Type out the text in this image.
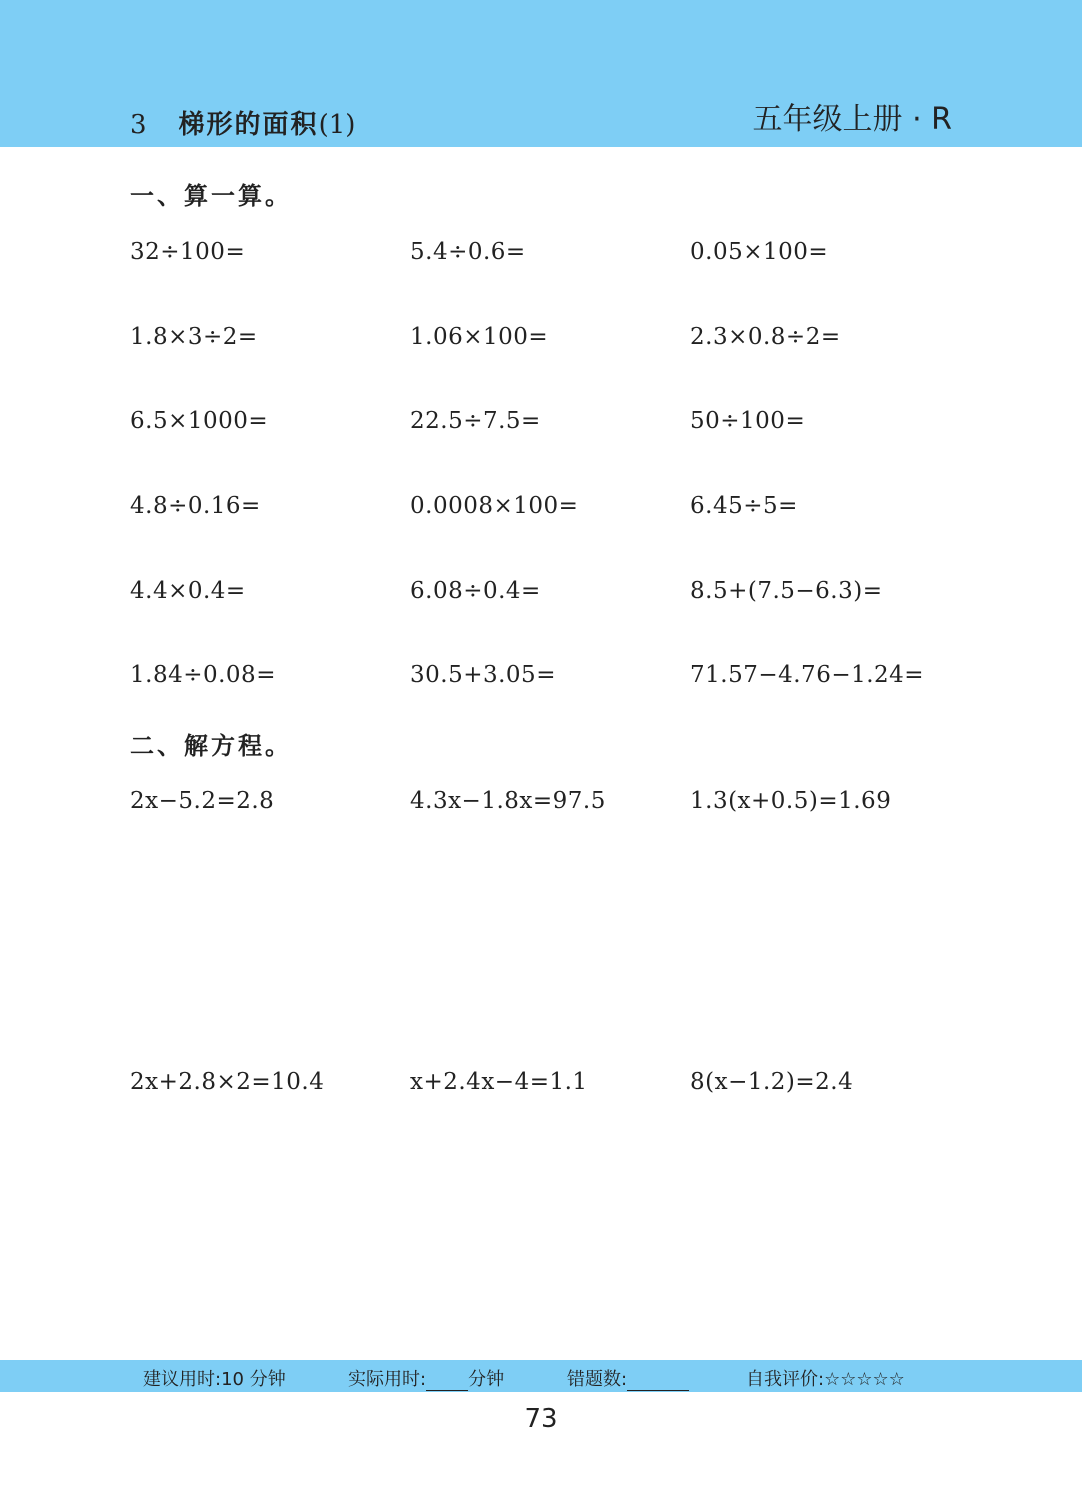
3 梯形的面积(1)	五年级上册 · R
一、算一算。
32÷100=	5.4÷0.6=	0.05×100=
1.8×3÷2=	1.06×100=	2.3×0.8÷2=
6.5×1000=	22.5÷7.5=	50÷100=
4.8÷0.16=	0.0008×100=	6.45÷5=
4.4×0.4=	6.08÷0.4=	8.5+(7.5−6.3)=
1.84÷0.08=	30.5+3.05=	71.57−4.76−1.24=
二、解方程。
2x−5.2=2.8	4.3x−1.8x=97.5	1.3(x+0.5)=1.69
2x+2.8×2=10.4	x+2.4x−4=1.1	8(x−1.2)=2.4
建议用时:10 分钟	实际用时: 分钟	错题数:	自我评价:☆☆☆☆☆
73
